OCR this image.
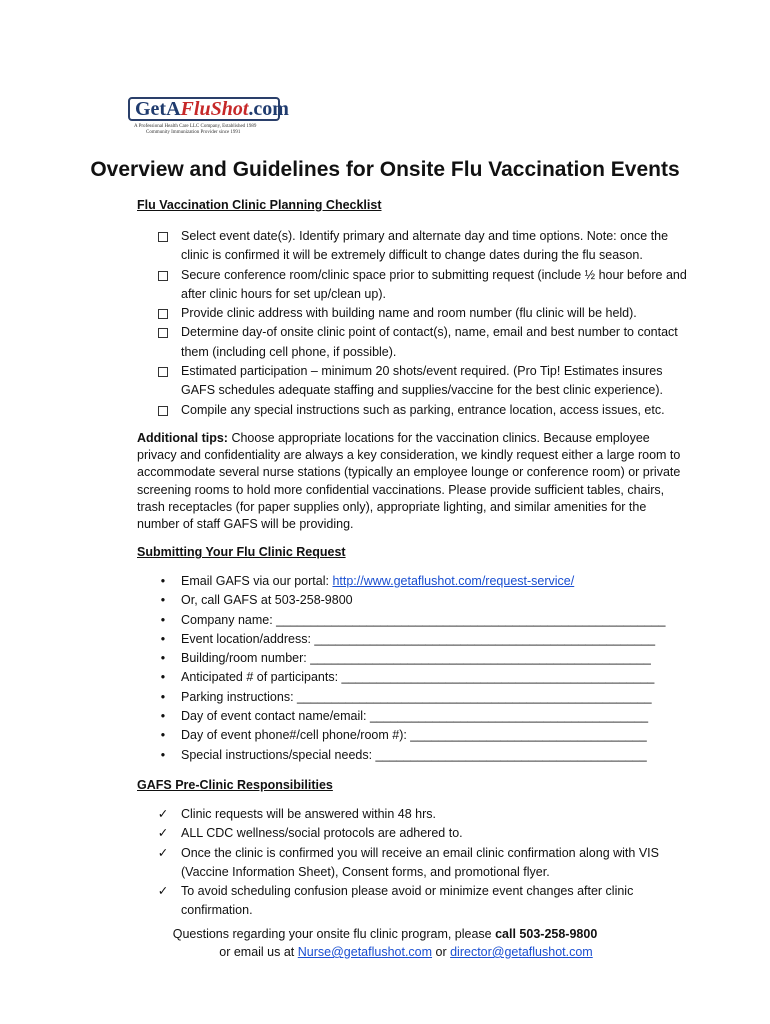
GetA FluShot .com
A Professional Health Care LLC Company, Established 1989
Community Immunization Provider since 1991
Overview and Guidelines for Onsite Flu Vaccination Events
Flu Vaccination Clinic Planning Checklist
Select event date(s). Identify primary and alternate day and time options. Note: once the clinic is confirmed it will be extremely difficult to change dates during the flu season.
Secure conference room/clinic space prior to submitting request (include ½ hour before and after clinic hours for set up/clean up).
Provide clinic address with building name and room number (flu clinic will be held).
Determine day-of onsite clinic point of contact(s), name, email and best number to contact them (including cell phone, if possible).
Estimated participation – minimum 20 shots/event required. (Pro Tip! Estimates insures GAFS schedules adequate staffing and supplies/vaccine for the best clinic experience).
Compile any special instructions such as parking, entrance location, access issues, etc.

Additional tips: Choose appropriate locations for the vaccination clinics. Because employee privacy and confidentiality are always a key consideration, we kindly request either a large room to accommodate several nurse stations (typically an employee lounge or conference room) or private screening rooms to hold more confidential vaccinations. Please provide sufficient tables, chairs, trash receptacles (for paper supplies only), appropriate lighting, and similar amenities for the number of staff GAFS will be providing.

Submitting Your Flu Clinic Request
•	Email GAFS via our portal: http://www.getaflushot.com/request-service/
•	Or, call GAFS at 503-258-9800
•	Company name: ________________________________________________________
•	Event location/address: _________________________________________________
•	Building/room number: _________________________________________________
•	Anticipated # of participants: _____________________________________________
•	Parking instructions: ___________________________________________________
•	Day of event contact name/email: ________________________________________
•	Day of event phone#/cell phone/room #): __________________________________
•	Special instructions/special needs: _______________________________________
GAFS Pre-Clinic Responsibilities
✓ Clinic requests will be answered within 48 hrs.
✓ ALL CDC wellness/social protocols are adhered to.
✓ Once the clinic is confirmed you will receive an email clinic confirmation along with VIS (Vaccine Information Sheet), Consent forms, and promotional flyer.
✓ To avoid scheduling confusion please avoid or minimize event changes after clinic confirmation.
Questions regarding your onsite flu clinic program, please call 503-258-9800
or email us at Nurse@getaflushot.com or director@getaflushot.com
